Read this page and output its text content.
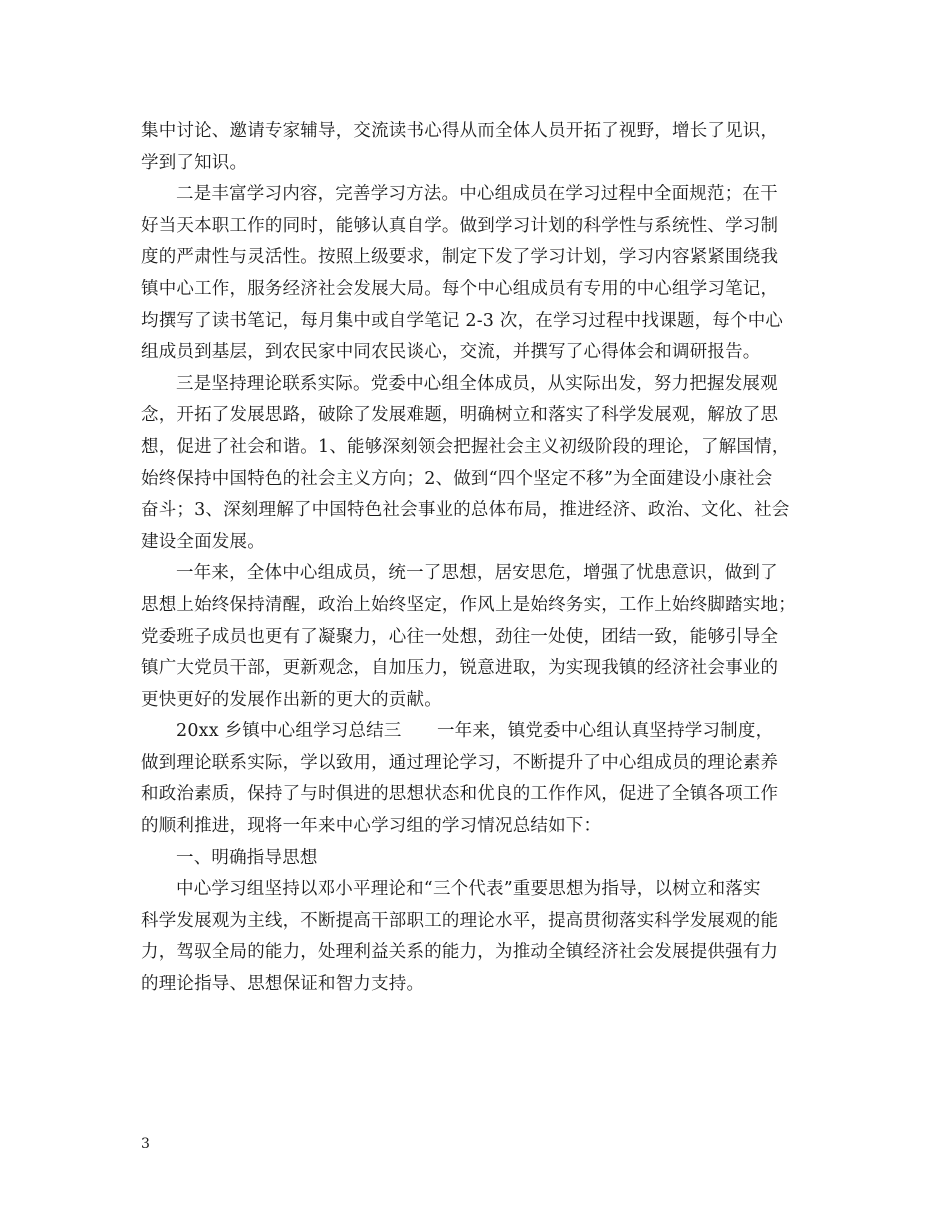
集中讨论、邀请专家辅导，交流读书心得从而全体人员开拓了视野，增长了见识，
学到了知识。
二是丰富学习内容，完善学习方法。中心组成员在学习过程中全面规范；在干
好当天本职工作的同时，能够认真自学。做到学习计划的科学性与系统性、学习制
度的严肃性与灵活性。按照上级要求，制定下发了学习计划，学习内容紧紧围绕我
镇中心工作，服务经济社会发展大局。每个中心组成员有专用的中心组学习笔记，
均撰写了读书笔记，每月集中或自学笔记 2-3 次，在学习过程中找课题，每个中心
组成员到基层，到农民家中同农民谈心，交流，并撰写了心得体会和调研报告。
三是坚持理论联系实际。党委中心组全体成员，从实际出发，努力把握发展观
念，开拓了发展思路，破除了发展难题，明确树立和落实了科学发展观，解放了思
想，促进了社会和谐。1、能够深刻领会把握社会主义初级阶段的理论，了解国情，
始终保持中国特色的社会主义方向；2、做到“四个坚定不移”为全面建设小康社会
奋斗；3、深刻理解了中国特色社会事业的总体布局，推进经济、政治、文化、社会
建设全面发展。
一年来，全体中心组成员，统一了思想，居安思危，增强了忧患意识，做到了
思想上始终保持清醒，政治上始终坚定，作风上是始终务实，工作上始终脚踏实地；
党委班子成员也更有了凝聚力，心往一处想，劲往一处使，团结一致，能够引导全
镇广大党员干部，更新观念，自加压力，锐意进取，为实现我镇的经济社会事业的
更快更好的发展作出新的更大的贡献。
20xx 乡镇中心组学习总结三　　一年来，镇党委中心组认真坚持学习制度，
做到理论联系实际，学以致用，通过理论学习，不断提升了中心组成员的理论素养
和政治素质，保持了与时俱进的思想状态和优良的工作作风，促进了全镇各项工作
的顺利推进，现将一年来中心学习组的学习情况总结如下：
一、明确指导思想
中心学习组坚持以邓小平理论和“三个代表”重要思想为指导，以树立和落实
科学发展观为主线，不断提高干部职工的理论水平，提高贯彻落实科学发展观的能
力，驾驭全局的能力，处理利益关系的能力，为推动全镇经济社会发展提供强有力
的理论指导、思想保证和智力支持。
3
